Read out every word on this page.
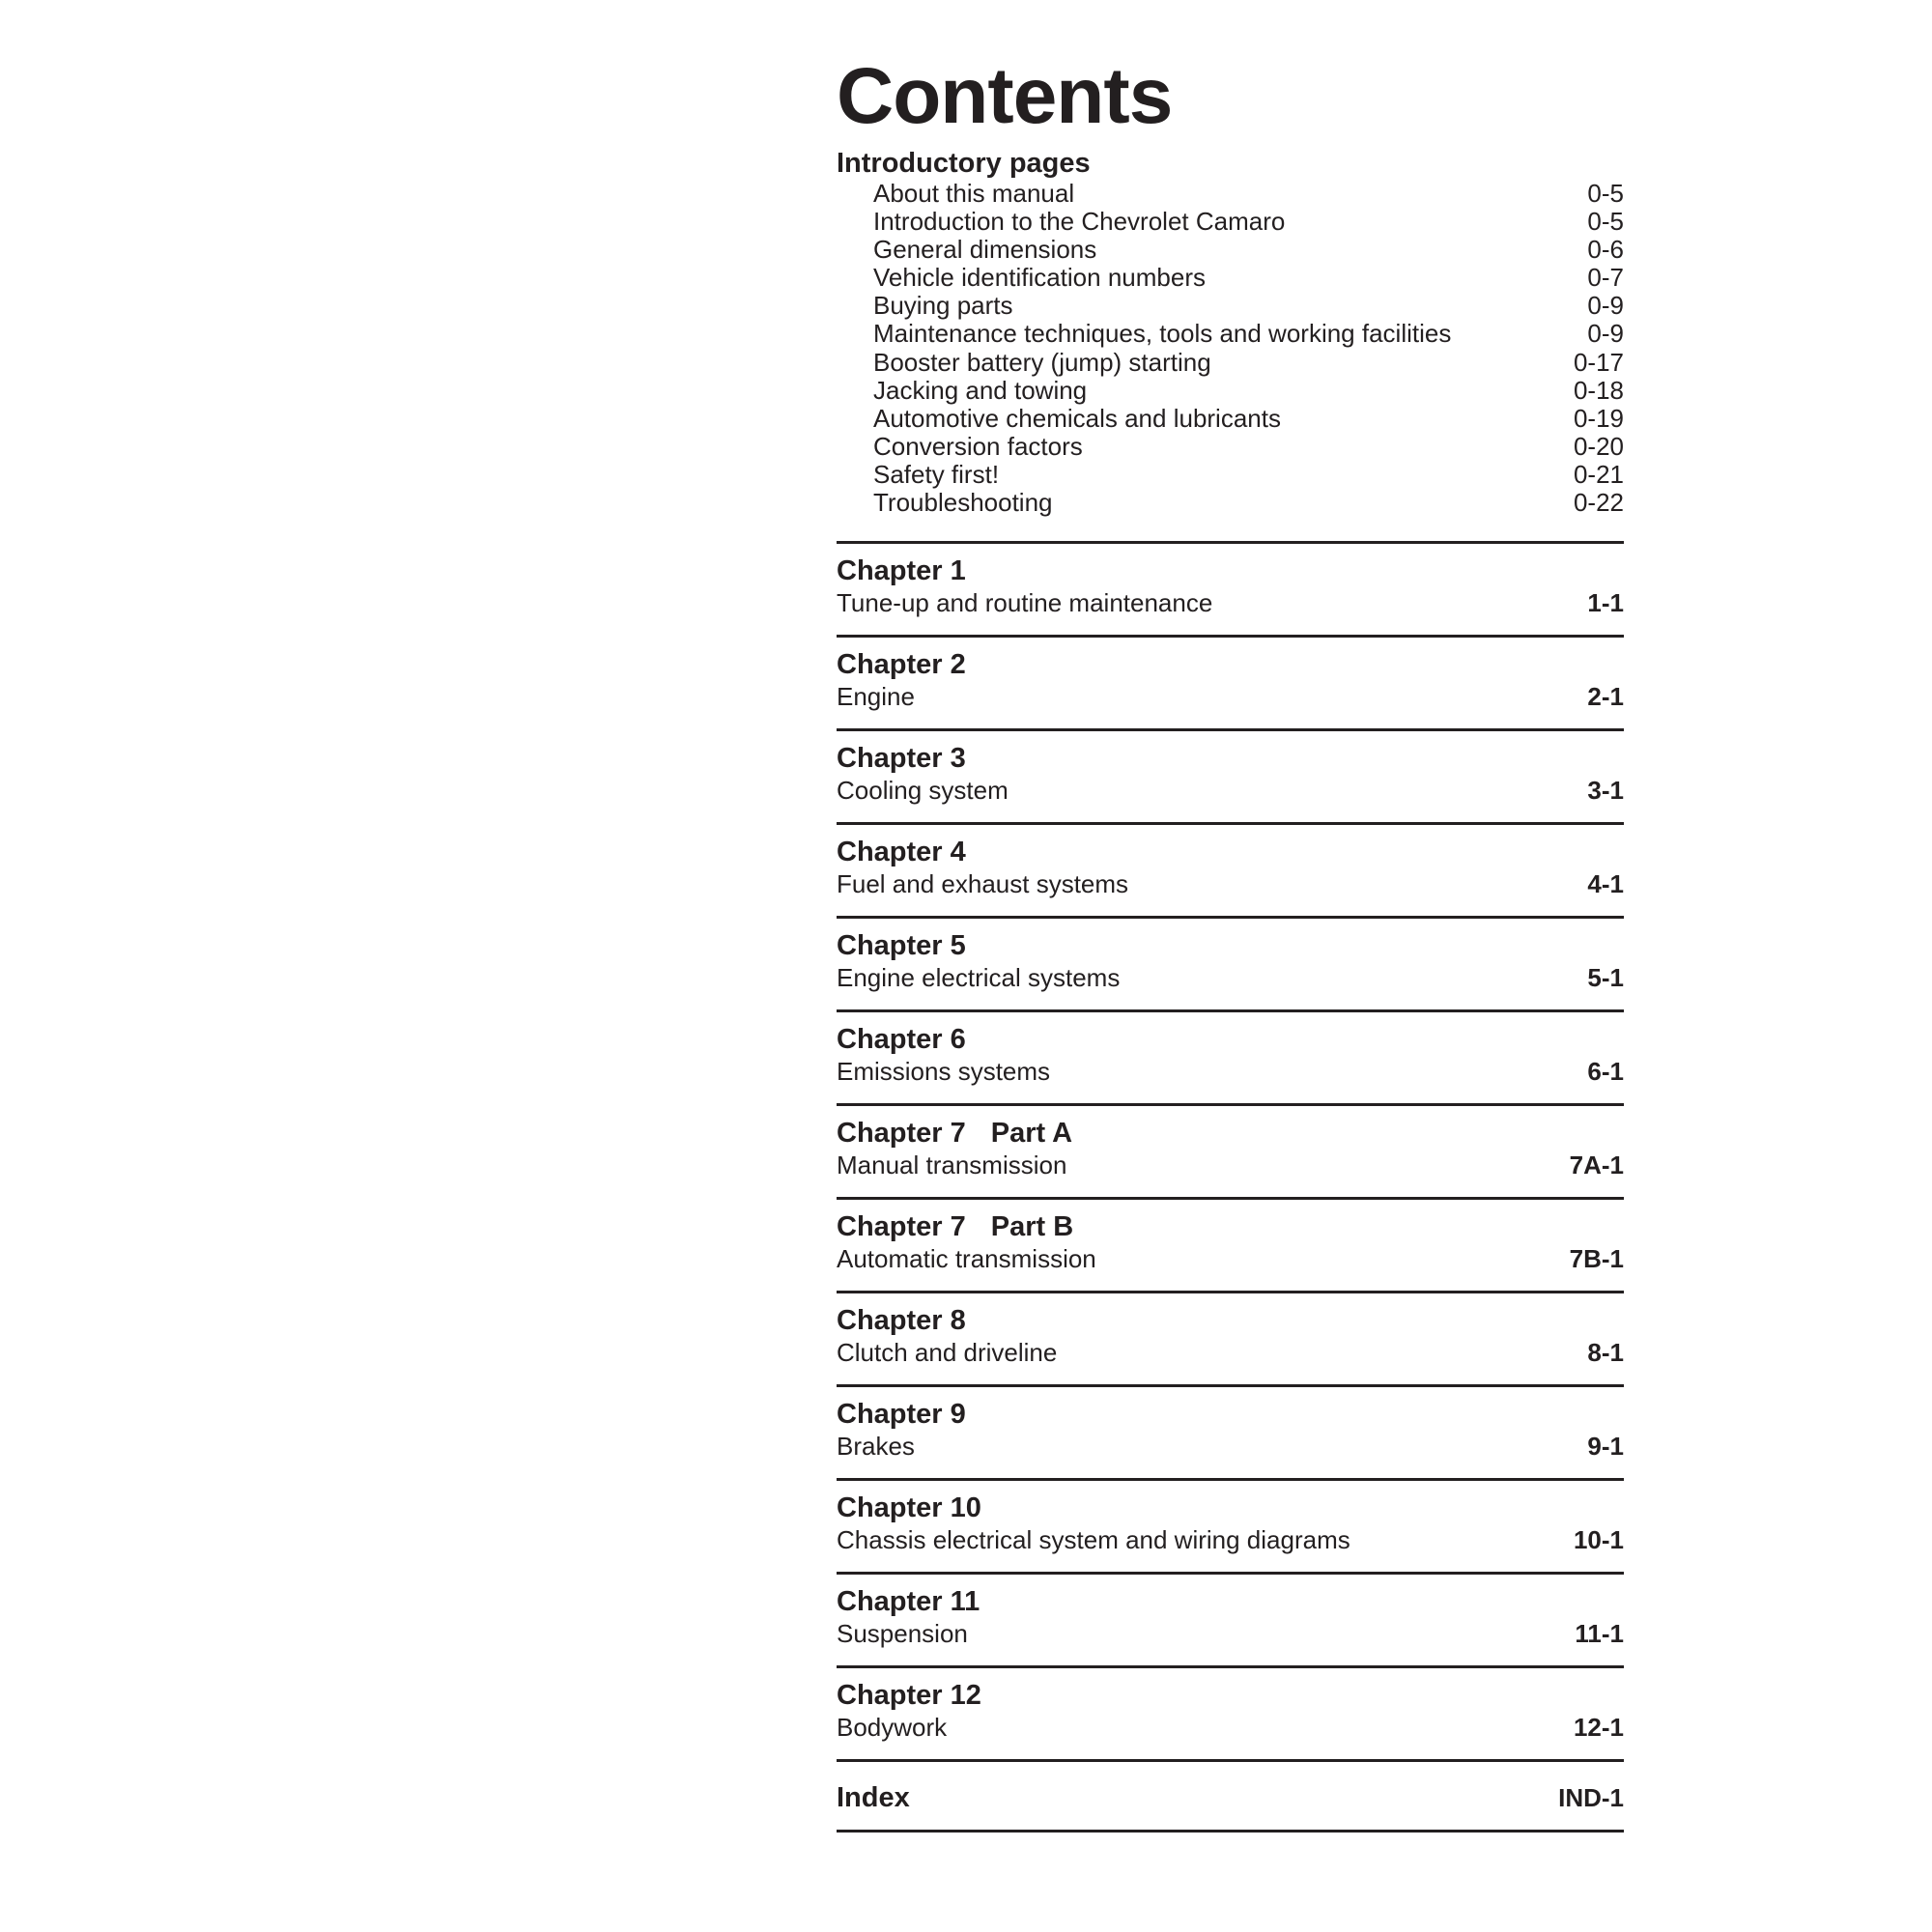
Contents
Introductory pages
About this manual	0-5
Introduction to the Chevrolet Camaro	0-5
General dimensions	0-6
Vehicle identification numbers	0-7
Buying parts	0-9
Maintenance techniques, tools and working facilities	0-9
Booster battery (jump) starting	0-17
Jacking and towing	0-18
Automotive chemicals and lubricants	0-19
Conversion factors	0-20
Safety first!	0-21
Troubleshooting	0-22
Chapter 1
Tune-up and routine maintenance	1-1
Chapter 2
Engine	2-1
Chapter 3
Cooling system	3-1
Chapter 4
Fuel and exhaust systems	4-1
Chapter 5
Engine electrical systems	5-1
Chapter 6
Emissions systems	6-1
Chapter 7 Part A
Manual transmission	7A-1
Chapter 7 Part B
Automatic transmission	7B-1
Chapter 8
Clutch and driveline	8-1
Chapter 9
Brakes	9-1
Chapter 10
Chassis electrical system and wiring diagrams	10-1
Chapter 11
Suspension	11-1
Chapter 12
Bodywork	12-1
Index	IND-1
